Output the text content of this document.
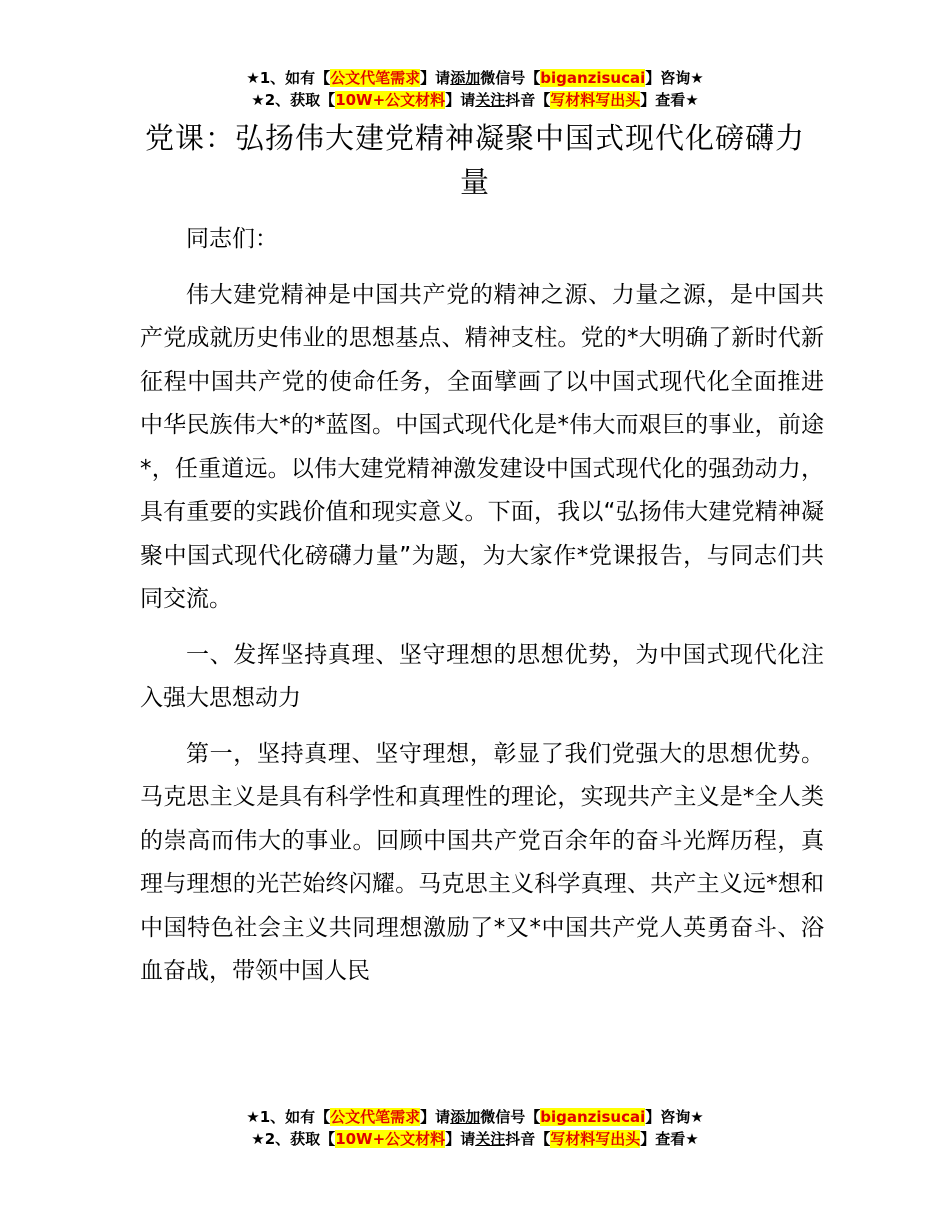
★1、如有【公文代笔需求】请添加微信号【biganzisucai】咨询★
★2、获取【10W+公文材料】请关注抖音【写材料写出头】查看★
党课：弘扬伟大建党精神凝聚中国式现代化磅礴力量

同志们：

伟大建党精神是中国共产党的精神之源、力量之源，是中国共产党成就历史伟业的思想基点、精神支柱。党的*大明确了新时代新征程中国共产党的使命任务，全面擘画了以中国式现代化全面推进中华民族伟大*的*蓝图。中国式现代化是*伟大而艰巨的事业，前途*，任重道远。以伟大建党精神激发建设中国式现代化的强劲动力，具有重要的实践价值和现实意义。下面，我以“弘扬伟大建党精神凝聚中国式现代化磅礴力量”为题，为大家作*党课报告，与同志们共同交流。

一、发挥坚持真理、坚守理想的思想优势，为中国式现代化注入强大思想动力

第一，坚持真理、坚守理想，彰显了我们党强大的思想优势。马克思主义是具有科学性和真理性的理论，实现共产主义是*全人类的崇高而伟大的事业。回顾中国共产党百余年的奋斗光辉历程，真理与理想的光芒始终闪耀。马克思主义科学真理、共产主义远*想和中国特色社会主义共同理想激励了*又*中国共产党人英勇奋斗、浴血奋战，带领中国人民

★1、如有【公文代笔需求】请添加微信号【biganzisucai】咨询★
★2、获取【10W+公文材料】请关注抖音【写材料写出头】查看★
